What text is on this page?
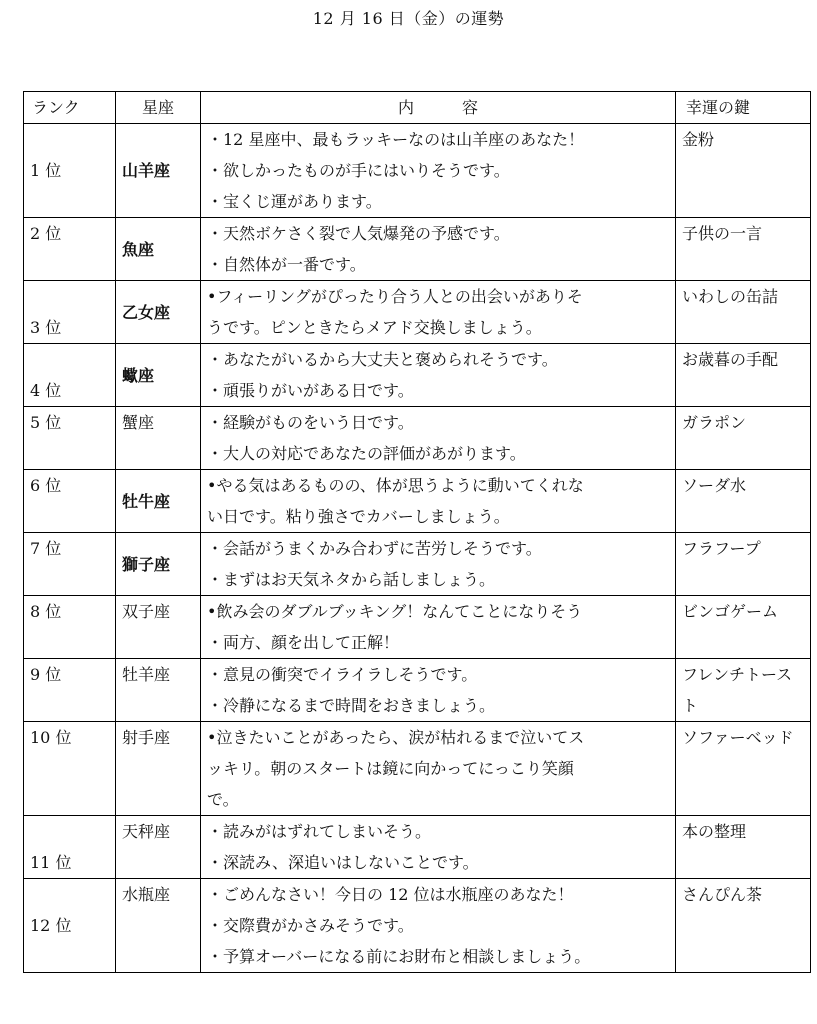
12 月 16 日（金）の運勢
ランク	星座	内　　　容	幸運の鍵
1 位	山羊座	・12 星座中、最もラッキーなのは山羊座のあなた！
・欲しかったものが手にはいりそうです。
・宝くじ運があります。	金粉
2 位	魚座	・天然ボケさく裂で人気爆発の予感です。
・自然体が一番です。	子供の一言
3 位	乙女座	•フィーリングがぴったり合う人との出会いがありそ
うです。ピンときたらメアド交換しましょう。	いわしの缶詰
4 位	蠍座	・あなたがいるから大丈夫と褒められそうです。
・頑張りがいがある日です。	お歳暮の手配
5 位	蟹座	・経験がものをいう日です。
・大人の対応であなたの評価があがります。	ガラポン
6 位	牡牛座	•やる気はあるものの、体が思うように動いてくれな
い日です。粘り強さでカバーしましょう。	ソーダ水
7 位	獅子座	・会話がうまくかみ合わずに苦労しそうです。
・まずはお天気ネタから話しましょう。	フラフープ
8 位	双子座	•飲み会のダブルブッキング！なんてことになりそう
・両方、顔を出して正解！	ビンゴゲーム
9 位	牡羊座	・意見の衝突でイライラしそうです。
・冷静になるまで時間をおきましょう。	フレンチトースト
10 位	射手座	•泣きたいことがあったら、涙が枯れるまで泣いてス
ッキリ。朝のスタートは鏡に向かってにっこり笑顔
で。	ソファーベッド
11 位	天秤座	・読みがはずれてしまいそう。
・深読み、深追いはしないことです。	本の整理
12 位	水瓶座	・ごめんなさい！今日の 12 位は水瓶座のあなた！
・交際費がかさみそうです。
・予算オーバーになる前にお財布と相談しましょう。	さんぴん茶
